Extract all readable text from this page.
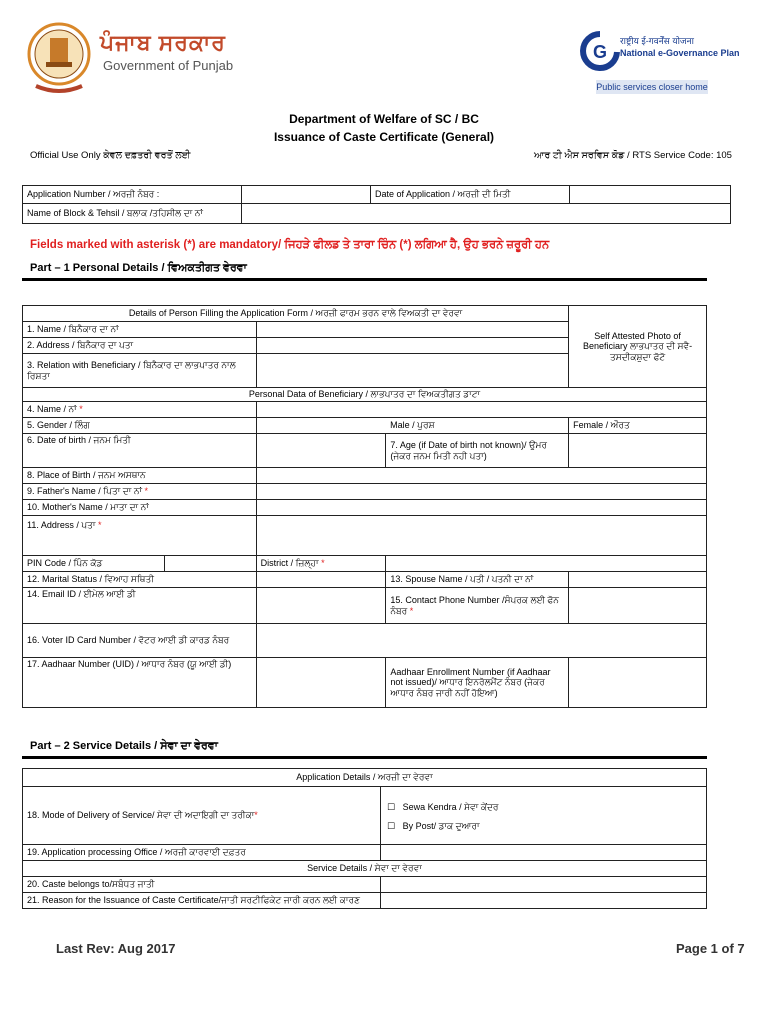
ਪੰਜਾਬ ਸਰਕਾਰ
Government of Punjab
G
राष्ट्रीय ई-गवर्नेंस योजना
National e-Governance Plan
Public services closer home
Department of Welfare of SC / BC
Issuance of Caste Certificate (General)
Official Use Only ਕੇਵਲ ਦਫ਼ਤਰੀ ਵਰਤੋਂ ਲਈ	ਆਰ ਟੀ ਐਸ ਸਰਵਿਸ ਕੋਡ / RTS Service Code: 105
Application Number / ਅਰਜ਼ੀ ਨੰਬਰ :		Date of Application / ਅਰਜ਼ੀ ਦੀ ਮਿਤੀ	
Name of Block & Tehsil / ਬਲਾਕ /ਤਹਿਸੀਲ ਦਾ ਨਾਂ			
Fields marked with asterisk (*) are mandatory/ ਜਿਹੜੇ ਫੀਲਡ ਤੇ ਤਾਰਾ ਚਿੰਨ (*) ਲਗਿਆ ਹੈ, ਉਹ ਭਰਨੇ ਜ਼ਰੂਰੀ ਹਨ
Part – 1 Personal Details / ਵਿਅਕਤੀਗਤ ਵੇਰਵਾ
Details of Person Filling the Application Form / ਅਰਜ਼ੀ ਫਾਰਮ ਭਰਨ ਵਾਲੇ ਵਿਅਕਤੀ ਦਾ ਵੇਰਵਾ				Self Attested Photo of Beneficiary ਲਾਭਪਾਤਰ ਦੀ ਸਵੈ-ਤਸਦੀਕਸ਼ੁਦਾ ਫੋਟੋ
1. Name / ਬਿਨੈਕਾਰ ਦਾ ਨਾਂ				
2. Address / ਬਿਨੈਕਾਰ ਦਾ ਪਤਾ				
3. Relation with Beneficiary / ਬਿਨੈਕਾਰ ਦਾ ਲਾਭਪਾਤਰ ਨਾਲ ਰਿਸ਼ਤਾ				
Personal Data of Beneficiary / ਲਾਭਪਾਤਰ ਦਾ ਵਿਅਕਤੀਗਤ ਡਾਟਾ				
4. Name / ਨਾਂ *				
5. Gender / ਲਿੰਗ		Male / ਪੁਰਸ਼		Female / ਔਰਤ
6. Date of birth / ਜਨਮ ਮਿਤੀ			7. Age (if Date of birth not known)/ ਉਮਰ (ਜੇਕਰ ਜਨਮ ਮਿਤੀ ਨਹੀ ਪਤਾ)	
8. Place of Birth / ਜਨਮ ਅਸਥਾਨ				
9. Father's Name / ਪਿਤਾ ਦਾ ਨਾਂ *				
10. Mother's Name / ਮਾਤਾ ਦਾ ਨਾਂ				
11. Address / ਪਤਾ *				
PIN Code / ਪਿੰਨ ਕੋਡ		District / ਜ਼ਿਲ੍ਹਾ *		
12. Marital Status / ਵਿਆਹ ਸਥਿਤੀ			13. Spouse Name / ਪਤੀ / ਪਤਨੀ ਦਾ ਨਾਂ	
14. Email ID / ਈਮੇਲ ਆਈ ਡੀ			15. Contact Phone Number /ਸੰਪਰਕ ਲਈ ਫੋਨ ਨੰਬਰ *	
16. Voter ID Card Number / ਵੋਟਰ ਆਈ ਡੀ ਕਾਰਡ ਨੰਬਰ				
17. Aadhaar Number (UID) / ਆਧਾਰ ਨੰਬਰ (ਯੂ ਆਈ ਡੀ)			Aadhaar Enrollment Number (if Aadhaar not issued)/ ਆਧਾਰ ਇਨਰੋਲਮੈਂਟ ਨੰਬਰ (ਜੇਕਰ ਆਧਾਰ ਨੰਬਰ ਜਾਰੀ ਨਹੀਂ ਹੋਇਆ)	
Part – 2 Service Details / ਸੇਵਾ ਦਾ ਵੇਰਵਾ
Application Details / ਅਰਜ਼ੀ ਦਾ ਵੇਰਵਾ	
18. Mode of Delivery of Service/ ਸੇਵਾ ਦੀ ਅਦਾਇਗੀ ਦਾ ਤਰੀਕਾ*	☐ Sewa Kendra / ਸੇਵਾ ਕੇਂਦਰ
☐ By Post/ ਡਾਕ ਦੁਆਰਾ

19. Application processing Office / ਅਰਜ਼ੀ ਕਾਰਵਾਈ ਦਫ਼ਤਰ	
Service Details / ਸੇਵਾ ਦਾ ਵੇਰਵਾ	
20. Caste belongs to/ਸਬੰਧਤ ਜਾਤੀ	
21. Reason for the Issuance of Caste Certificate/ਜਾਤੀ ਸਰਟੀਫਿਕੇਟ ਜਾਰੀ ਕਰਨ ਲਈ ਕਾਰਣ	
Last Rev: Aug 2017	Page 1 of 7
